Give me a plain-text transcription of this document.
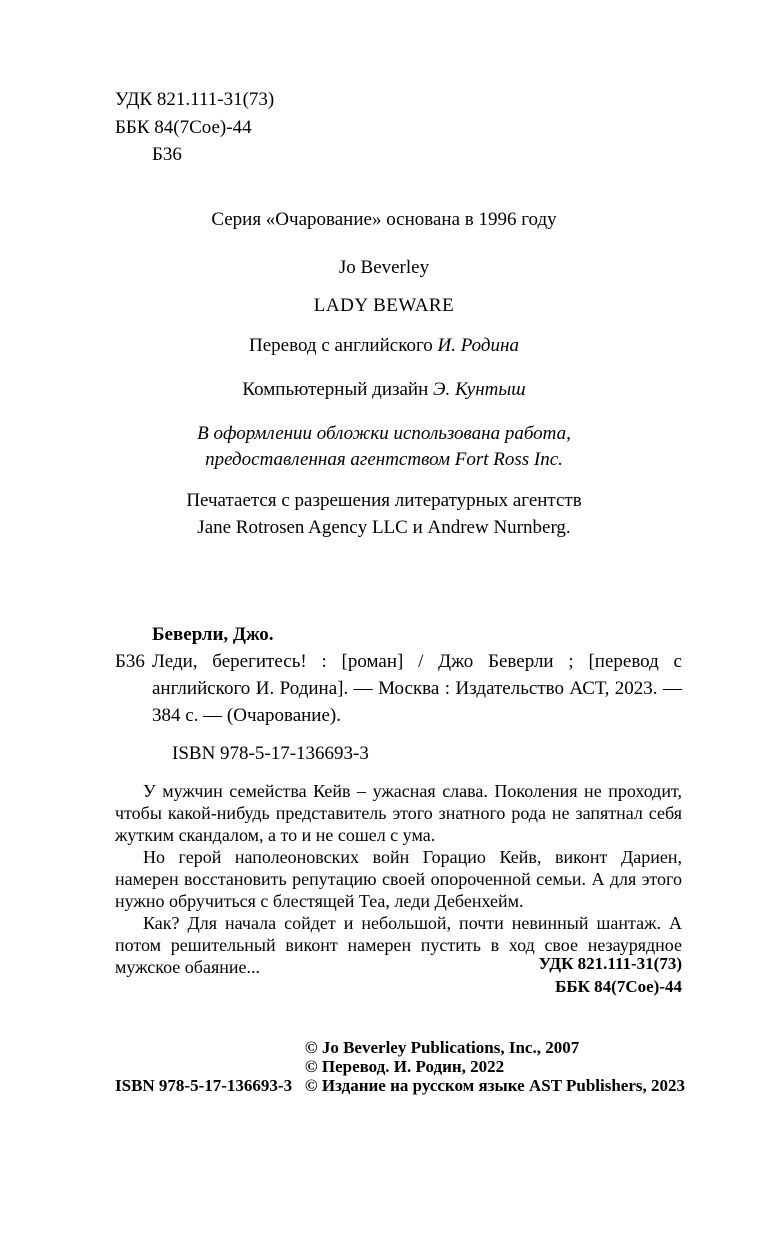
УДК 821.111-31(73)
ББК 84(7Сое)-44
Б36
Серия «Очарование» основана в 1996 году
Jo Beverley
LADY BEWARE
Перевод с английского И. Родина
Компьютерный дизайн Э. Кунтыш
В оформлении обложки использована работа,
предоставленная агентством Fort Ross Inc.
Печатается с разрешения литературных агентств
Jane Rotrosen Agency LLC и Andrew Nurnberg.
Беверли, Джо.
Б36 Леди, берегитесь! : [роман] / Джо Беверли ; [перевод с английского И. Родина]. — Москва : Издательство АСТ, 2023. — 384 с. — (Очарование).
ISBN 978-5-17-136693-3

У мужчин семейства Кейв – ужасная слава. Поколения не проходит, чтобы какой-нибудь представитель этого знатного рода не запятнал себя жутким скандалом, а то и не сошел с ума.

Но герой наполеоновских войн Горацио Кейв, виконт Дариен, намерен восстановить репутацию своей опороченной семьи. А для этого нужно обручиться с блестящей Теа, леди Дебенхейм.

Как? Для начала сойдет и небольшой, почти невинный шантаж. А потом решительный виконт намерен пустить в ход свое незаурядное мужское обаяние...	УДК 821.111-31(73)
ББК 84(7Сое)-44
ISBN 978-5-17-136693-3
© Jo Beverley Publications, Inc., 2007
© Перевод. И. Родин, 2022
© Издание на русском языке AST Publishers, 2023
